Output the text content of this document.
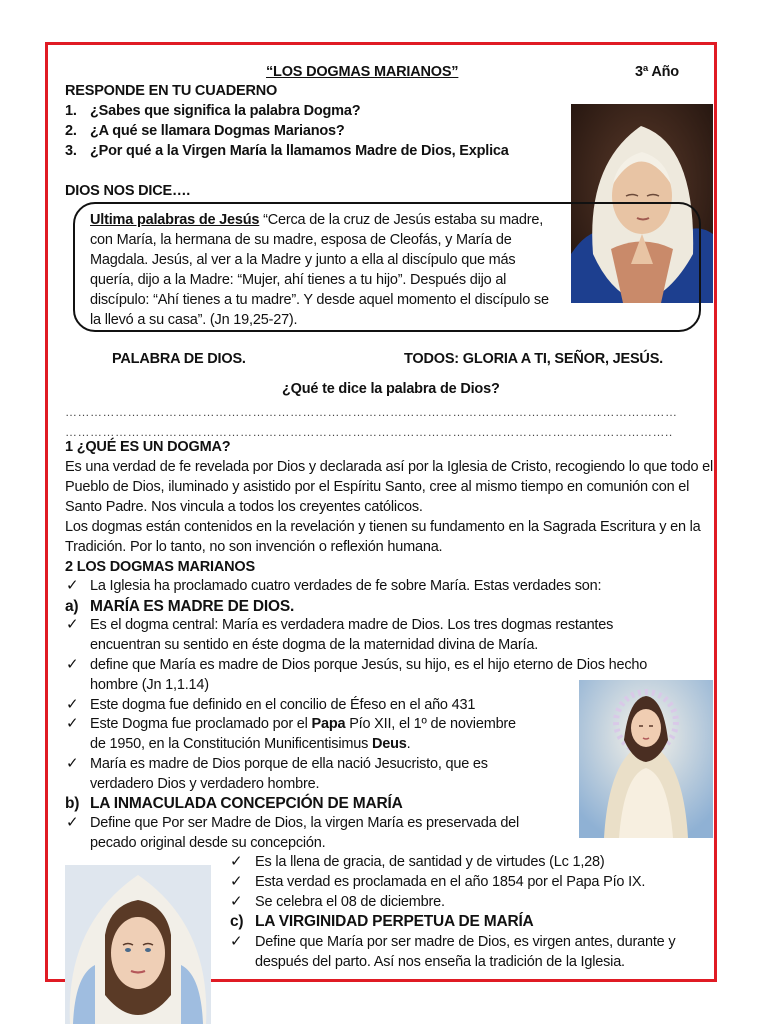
“LOS DOGMAS MARIANOS”	3ª Año
RESPONDE EN TU CUADERNO
1. ¿Sabes que significa la palabra Dogma?
2. ¿A qué se llamara Dogmas Marianos?
3. ¿Por qué a la Virgen María la llamamos Madre de Dios, Explica
DIOS NOS DICE….
Ultima palabras de Jesús “Cerca de la cruz de Jesús estaba su madre, con María, la hermana de su madre, esposa de Cleofás, y María de Magdala. Jesús, al ver a la Madre y junto a ella al discípulo que más quería, dijo a la Madre: “Mujer, ahí tienes a tu hijo”. Después dijo al discípulo: “Ahí tienes a tu madre”. Y desde aquel momento el discípulo se la llevó a su casa”. (Jn 19,25-27).
PALABRA DE DIOS.	TODOS: GLORIA A TI, SEÑOR, JESÚS.
¿Qué te dice la palabra de Dios?
…………………………………………………………………………………………………………………………………
………………………………………………………………………………………………………………………………..
1 ¿QUÉ ES UN DOGMA?
Es una verdad de fe revelada por Dios y declarada así por la Iglesia de Cristo, recogiendo lo que todo el Pueblo de Dios, iluminado y asistido por el Espíritu Santo, cree al mismo tiempo en comunión con el Santo Padre. Nos vincula a todos los creyentes católicos.
Los dogmas están contenidos en la revelación y tienen su fundamento en la Sagrada Escritura y en la Tradición. Por lo tanto, no son invención o reflexión humana.
2 LOS DOGMAS MARIANOS
✓ La Iglesia ha proclamado cuatro verdades de fe sobre María. Estas verdades son:
a) MARÍA ES MADRE DE DIOS.
✓ Es el dogma central: María es verdadera madre de Dios. Los tres dogmas restantes
encuentran su sentido en éste dogma de la maternidad divina de María.
✓ define que María es madre de Dios porque Jesús, su hijo, es el hijo eterno de Dios hecho
hombre (Jn 1,1.14)
✓ Este dogma fue definido en el concilio de Éfeso en el año 431
✓ Este Dogma fue proclamado por el Papa Pío XII, el 1º de noviembre
de 1950, en la Constitución Munificentisimus Deus.
✓ María es madre de Dios porque de ella nació Jesucristo, que es
verdadero Dios y verdadero hombre.
b) LA INMACULADA CONCEPCIÓN DE MARÍA
✓ Define que Por ser Madre de Dios, la virgen María es preservada del
pecado original desde su concepción.
✓ Es la llena de gracia, de santidad y de virtudes (Lc 1,28)
✓ Esta verdad es proclamada en el año 1854 por el Papa Pío IX.
✓ Se celebra el 08 de diciembre.
c) LA VIRGINIDAD PERPETUA DE MARÍA
✓ Define que María por ser madre de Dios, es virgen antes, durante y
después del parto. Así nos enseña la tradición de la Iglesia.
